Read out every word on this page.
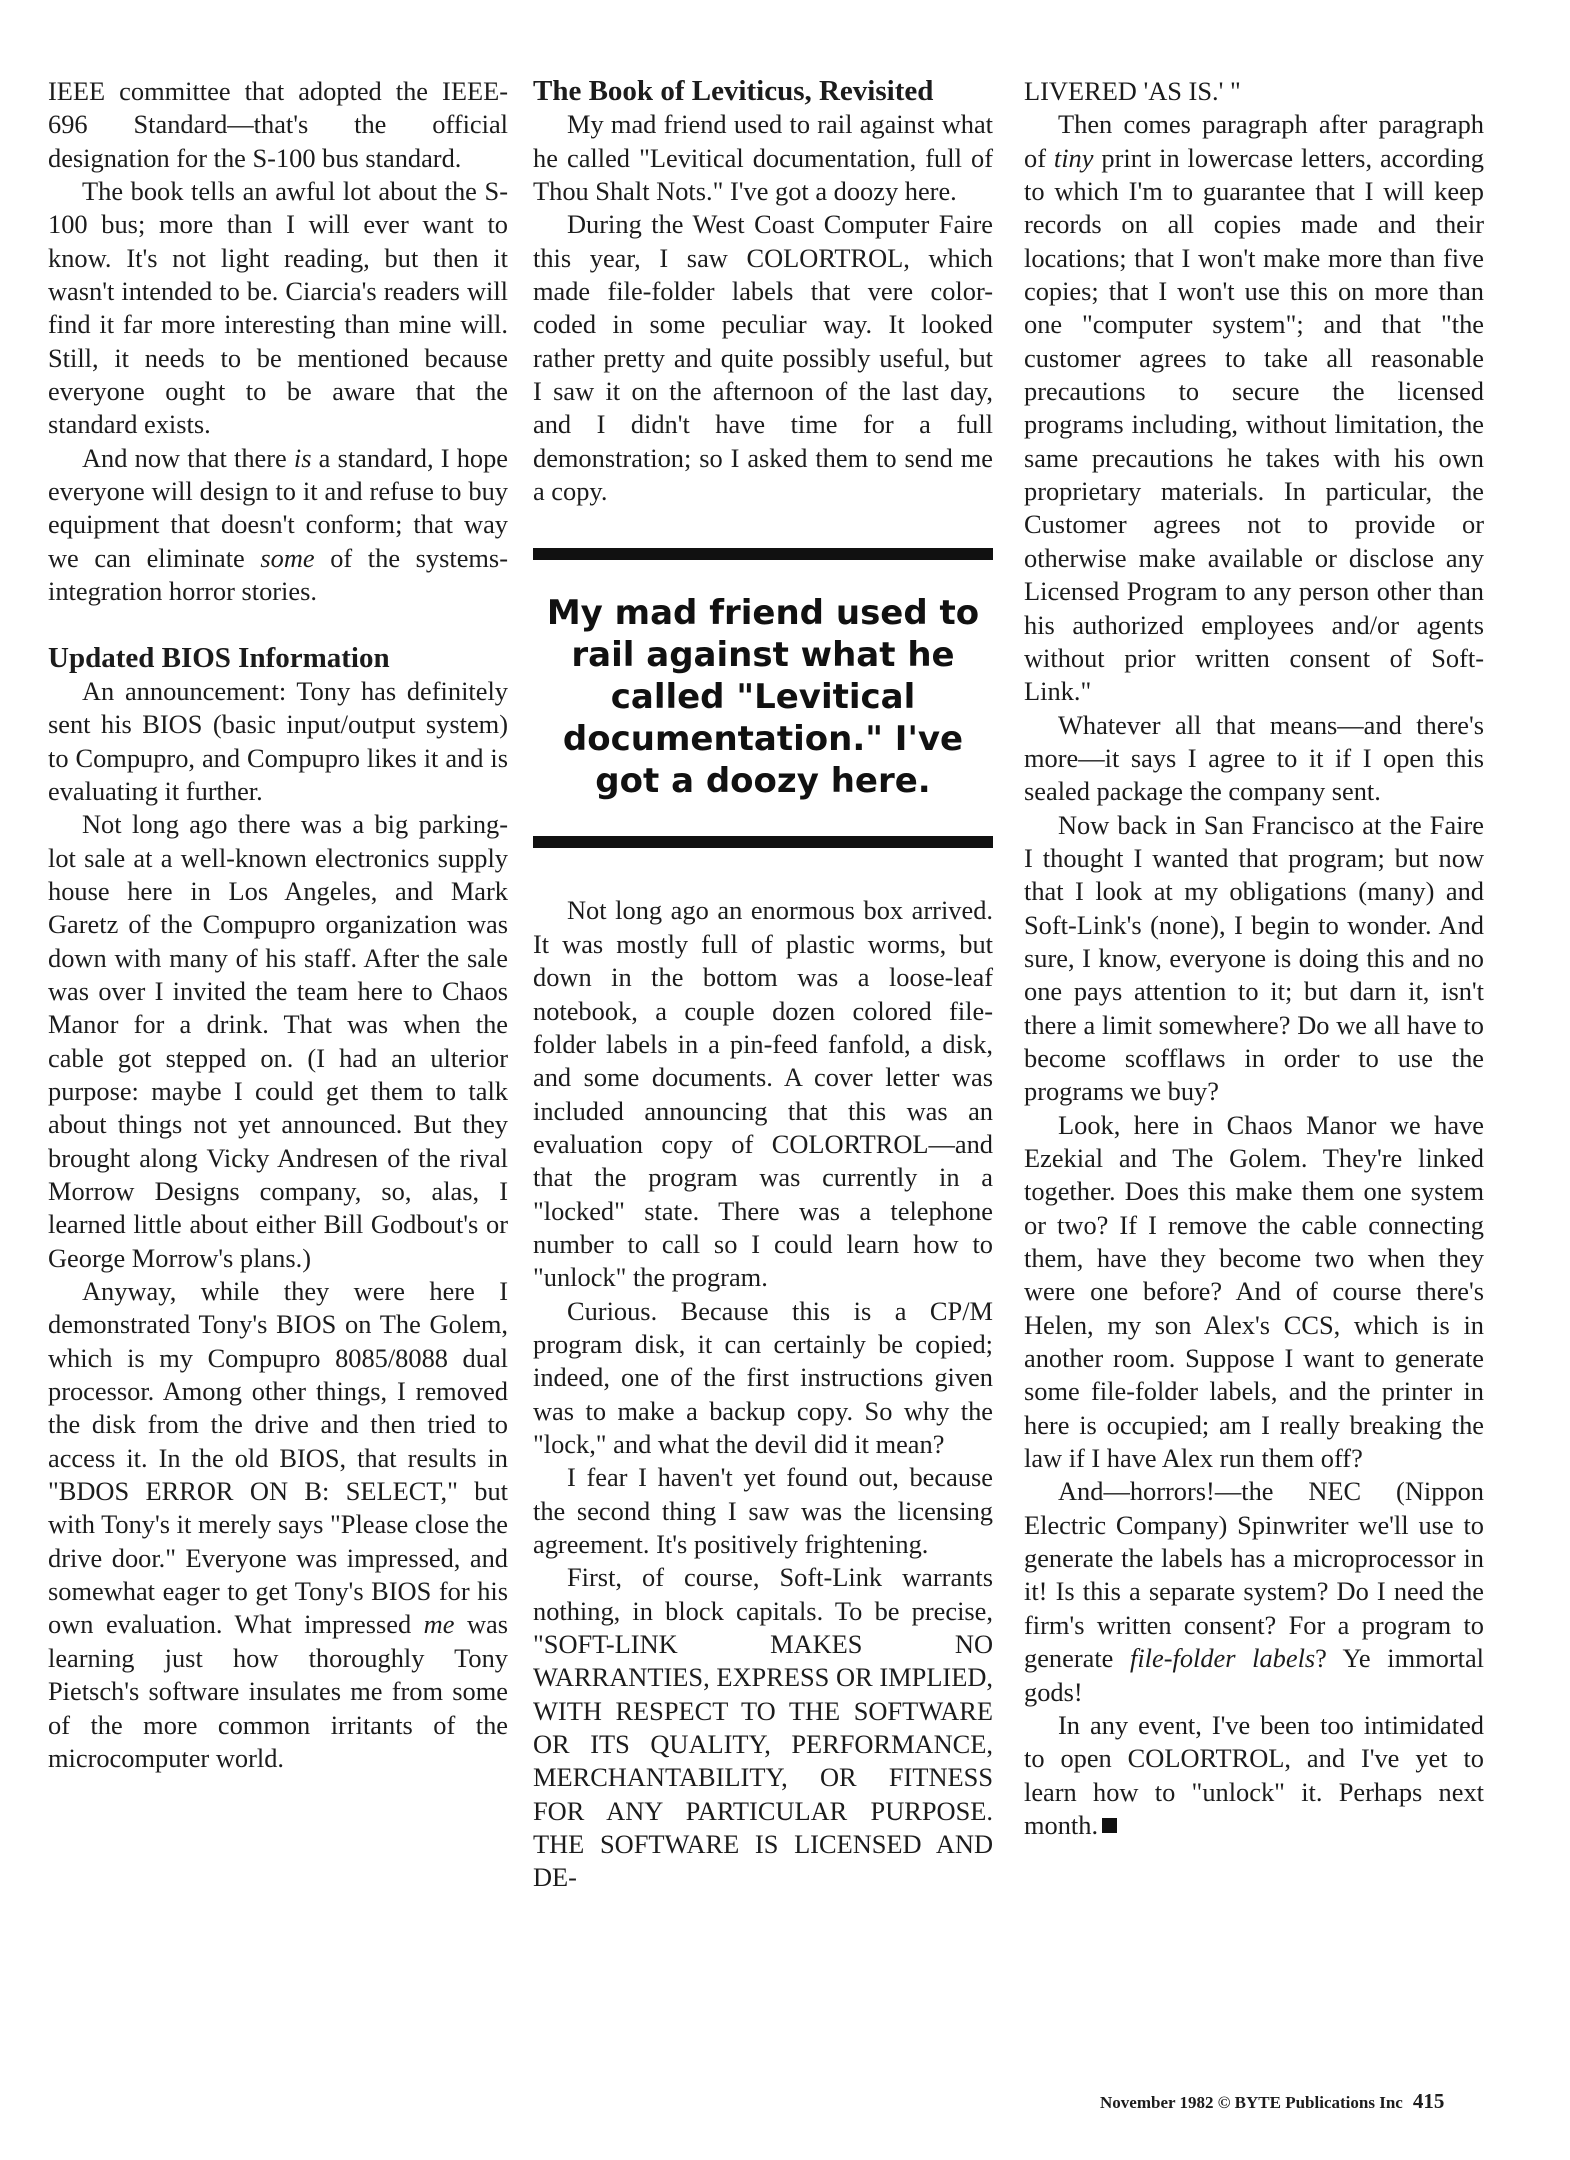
IEEE committee that adopted the IEEE-696 Standard—that's the official designation for the S-100 bus standard.

The book tells an awful lot about the S-100 bus; more than I will ever want to know. It's not light reading, but then it wasn't intended to be. Ciarcia's readers will find it far more interesting than mine will. Still, it needs to be mentioned because everyone ought to be aware that the standard exists.

And now that there is a standard, I hope everyone will design to it and refuse to buy equipment that doesn't conform; that way we can eliminate some of the systems-integration horror stories.

Updated BIOS Information

An announcement: Tony has definitely sent his BIOS (basic input/output system) to Compupro, and Compupro likes it and is evaluating it further.

Not long ago there was a big parking-lot sale at a well-known electronics supply house here in Los Angeles, and Mark Garetz of the Compupro organization was down with many of his staff. After the sale was over I invited the team here to Chaos Manor for a drink. That was when the cable got stepped on. (I had an ulterior purpose: maybe I could get them to talk about things not yet announced. But they brought along Vicky Andresen of the rival Morrow Designs company, so, alas, I learned little about either Bill Godbout's or George Morrow's plans.)

Anyway, while they were here I demonstrated Tony's BIOS on The Golem, which is my Compupro 8085/8088 dual processor. Among other things, I removed the disk from the drive and then tried to access it. In the old BIOS, that results in "BDOS ERROR ON B: SELECT," but with Tony's it merely says "Please close the drive door." Everyone was impressed, and somewhat eager to get Tony's BIOS for his own evaluation. What impressed me was learning just how thoroughly Tony Pietsch's software insulates me from some of the more common irritants of the microcomputer world.

The Book of Leviticus, Revisited

My mad friend used to rail against what he called "Levitical documentation, full of Thou Shalt Nots." I've got a doozy here.

During the West Coast Computer Faire this year, I saw COLORTROL, which made file-folder labels that vere color-coded in some peculiar way. It looked rather pretty and quite possibly useful, but I saw it on the afternoon of the last day, and I didn't have time for a full demonstration; so I asked them to send me a copy.

My mad friend used to rail against what he called "Levitical documentation." I've got a doozy here.

Not long ago an enormous box arrived. It was mostly full of plastic worms, but down in the bottom was a loose-leaf notebook, a couple dozen colored file-folder labels in a pin-feed fanfold, a disk, and some documents. A cover letter was included announcing that this was an evaluation copy of COLORTROL—and that the program was currently in a "locked" state. There was a telephone number to call so I could learn how to "unlock" the program.

Curious. Because this is a CP/M program disk, it can certainly be copied; indeed, one of the first instructions given was to make a backup copy. So why the "lock," and what the devil did it mean?

I fear I haven't yet found out, because the second thing I saw was the licensing agreement. It's positively frightening.

First, of course, Soft-Link warrants nothing, in block capitals. To be precise, "SOFT-LINK MAKES NO WARRANTIES, EXPRESS OR IMPLIED, WITH RESPECT TO THE SOFTWARE OR ITS QUALITY, PERFORMANCE, MERCHANTABILITY, OR FITNESS FOR ANY PARTICULAR PURPOSE. THE SOFTWARE IS LICENSED AND DE-

LIVERED 'AS IS.' "

Then comes paragraph after paragraph of tiny print in lowercase letters, according to which I'm to guarantee that I will keep records on all copies made and their locations; that I won't make more than five copies; that I won't use this on more than one "computer system"; and that "the customer agrees to take all reasonable precautions to secure the licensed programs including, without limitation, the same precautions he takes with his own proprietary materials. In particular, the Customer agrees not to provide or otherwise make available or disclose any Licensed Program to any person other than his authorized employees and/or agents without prior written consent of Soft-Link."

Whatever all that means—and there's more—it says I agree to it if I open this sealed package the company sent.

Now back in San Francisco at the Faire I thought I wanted that program; but now that I look at my obligations (many) and Soft-Link's (none), I begin to wonder. And sure, I know, everyone is doing this and no one pays attention to it; but darn it, isn't there a limit somewhere? Do we all have to become scofflaws in order to use the programs we buy?

Look, here in Chaos Manor we have Ezekial and The Golem. They're linked together. Does this make them one system or two? If I remove the cable connecting them, have they become two when they were one before? And of course there's Helen, my son Alex's CCS, which is in another room. Suppose I want to generate some file-folder labels, and the printer in here is occupied; am I really breaking the law if I have Alex run them off?

And—horrors!—the NEC (Nippon Electric Company) Spinwriter we'll use to generate the labels has a microprocessor in it! Is this a separate system? Do I need the firm's written consent? For a program to generate file-folder labels? Ye immortal gods!

In any event, I've been too intimidated to open COLORTROL, and I've yet to learn how to "unlock" it. Perhaps next month.

November 1982 © BYTE Publications Inc 415
